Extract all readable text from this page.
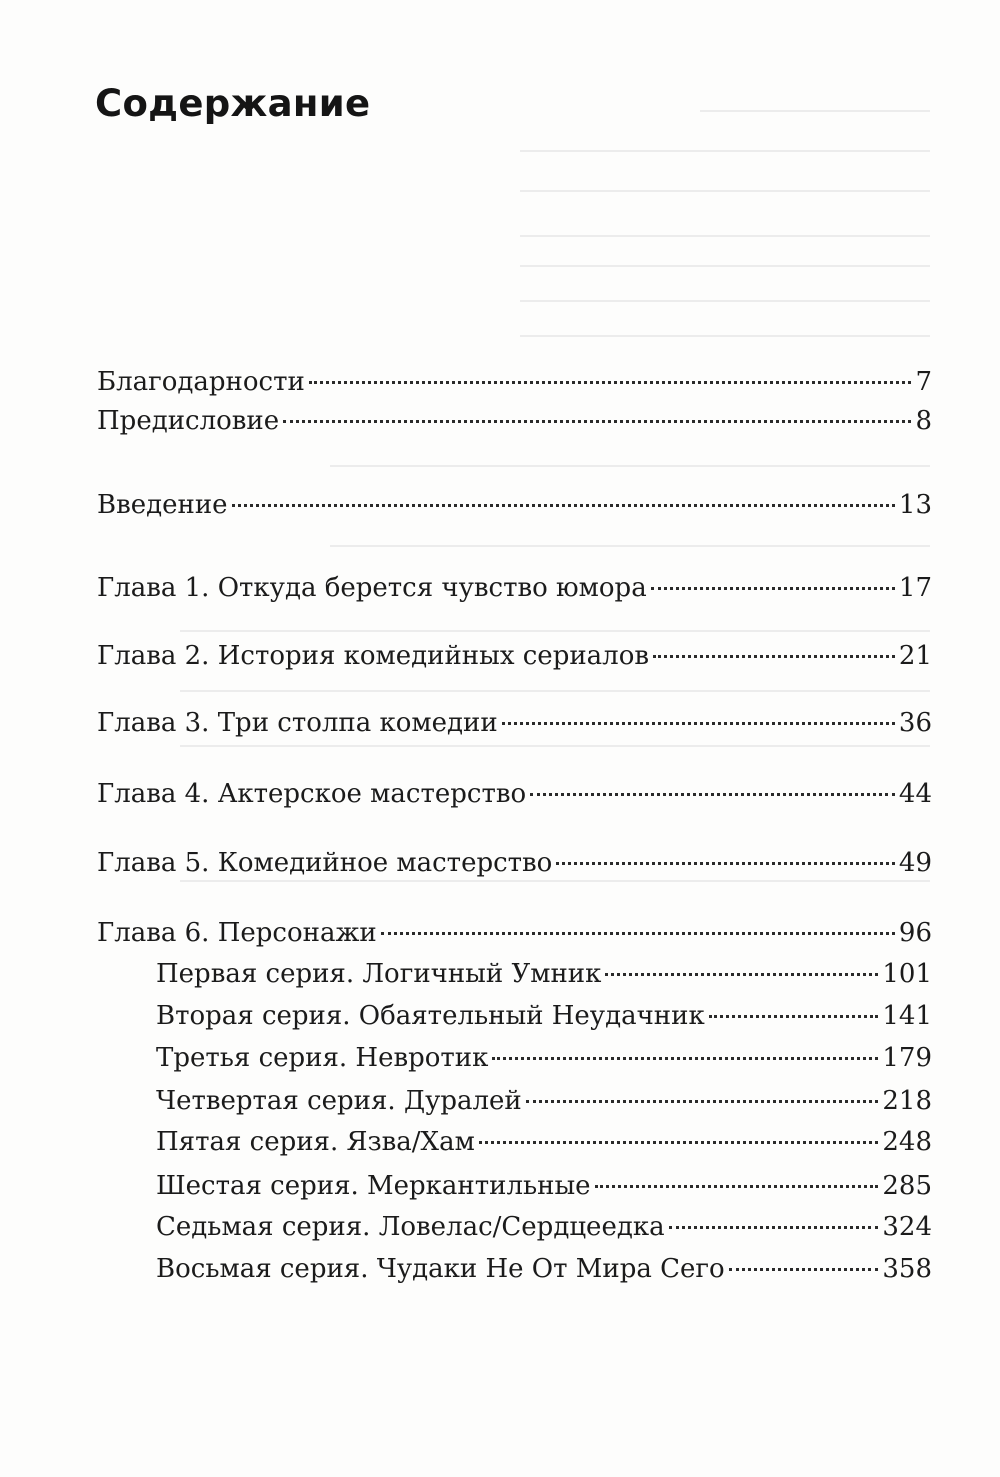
Содержание
Благодарности	7
Предисловие	8
Введение	13
Глава 1. Откуда берется чувство юмора	17
Глава 2. История комедийных сериалов	21
Глава 3. Три столпа комедии	36
Глава 4. Актерское мастерство	44
Глава 5. Комедийное мастерство	49
Глава 6. Персонажи	96
Первая серия. Логичный Умник	101
Вторая серия. Обаятельный Неудачник	141
Третья серия. Невротик	179
Четвертая серия. Дуралей	218
Пятая серия. Язва/Хам	248
Шестая серия. Меркантильные	285
Седьмая серия. Ловелас/Сердцеедка	324
Восьмая серия. Чудаки Не От Мира Сего	358
